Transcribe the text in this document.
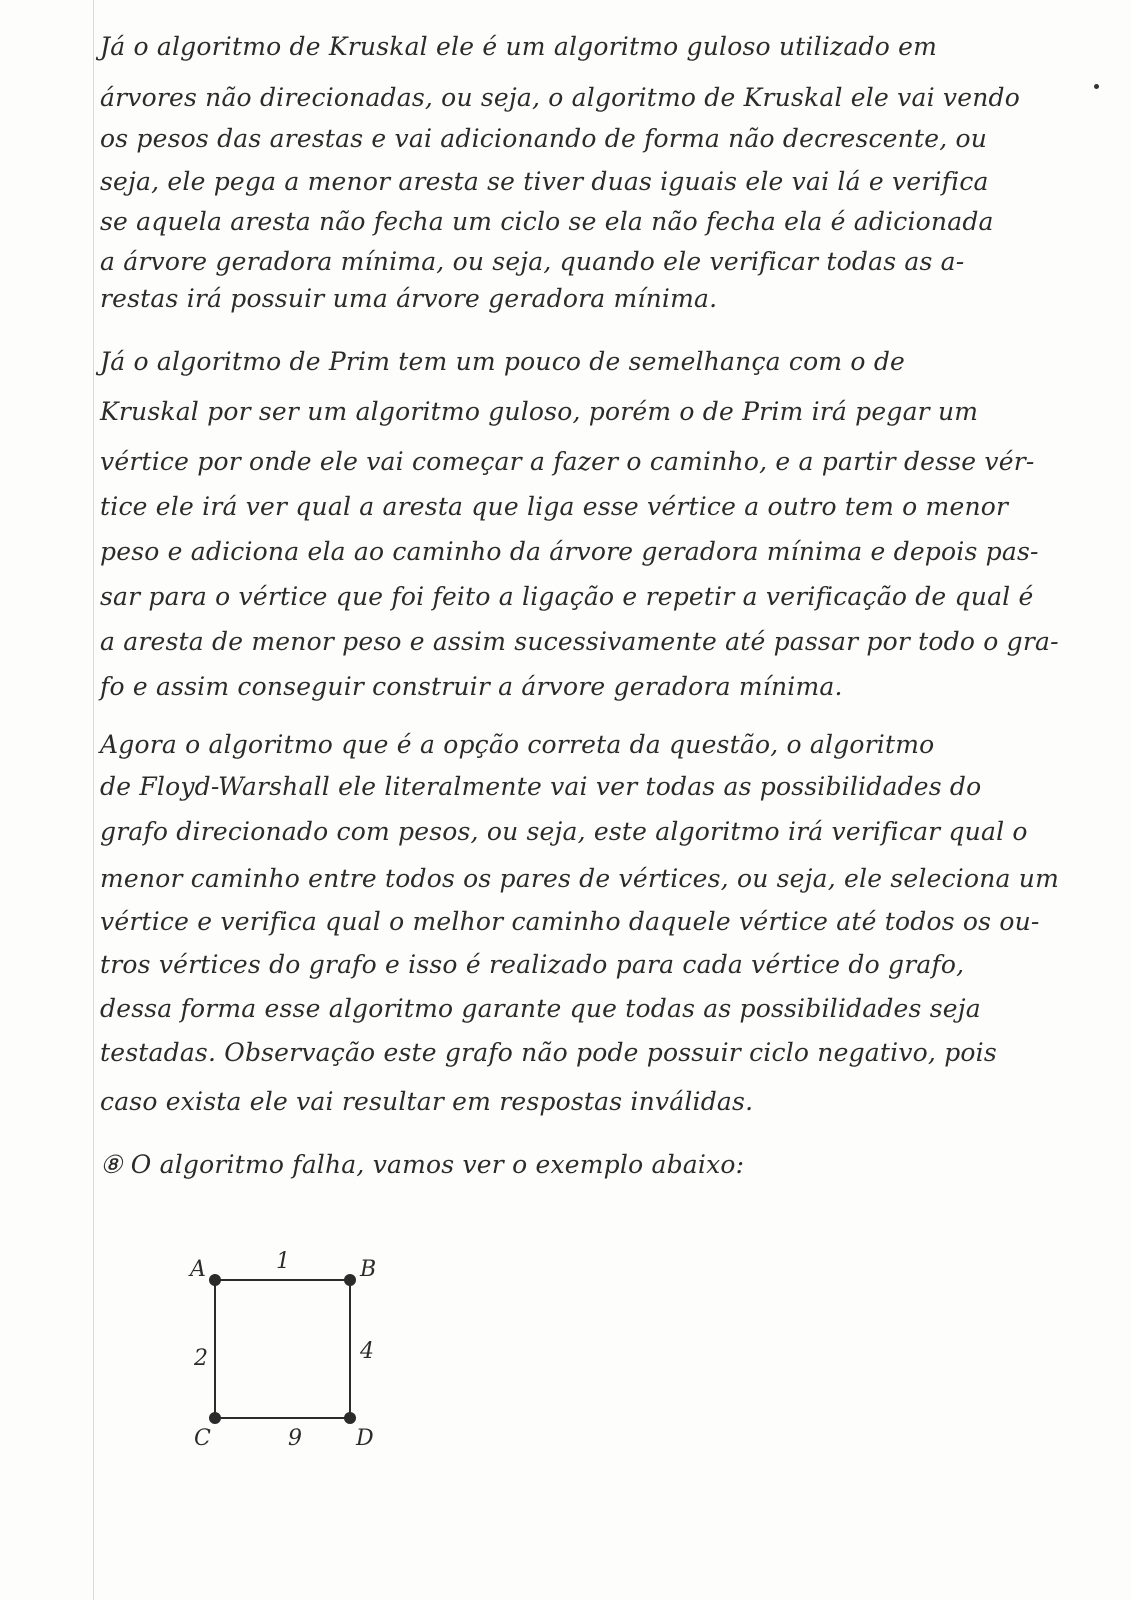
Já o algoritmo de Kruskal ele é um algoritmo guloso utilizado em

árvores não direcionadas, ou seja, o algoritmo de Kruskal ele vai vendo

os pesos das arestas e vai adicionando de forma não decrescente, ou

seja, ele pega a menor aresta se tiver duas iguais ele vai lá e verifica

se aquela aresta não fecha um ciclo se ela não fecha ela é adicionada

a árvore geradora mínima, ou seja, quando ele verificar todas as a-

restas irá possuir uma árvore geradora mínima.

Já o algoritmo de Prim tem um pouco de semelhança com o de

Kruskal por ser um algoritmo guloso, porém o de Prim irá pegar um

vértice por onde ele vai começar a fazer o caminho, e a partir desse vér-

tice ele irá ver qual a aresta que liga esse vértice a outro tem o menor

peso e adiciona ela ao caminho da árvore geradora mínima e depois pas-

sar para o vértice que foi feito a ligação e repetir a verificação de qual é

a aresta de menor peso e assim sucessivamente até passar por todo o gra-

fo e assim conseguir construir a árvore geradora mínima.

Agora o algoritmo que é a opção correta da questão, o algoritmo

de Floyd-Warshall ele literalmente vai ver todas as possibilidades do

grafo direcionado com pesos, ou seja, este algoritmo irá verificar qual o

menor caminho entre todos os pares de vértices, ou seja, ele seleciona um

vértice e verifica qual o melhor caminho daquele vértice até todos os ou-

tros vértices do grafo e isso é realizado para cada vértice do grafo,

dessa forma esse algoritmo garante que todas as possibilidades seja

testadas. Observação este grafo não pode possuir ciclo negativo, pois

caso exista ele vai resultar em respostas inválidas.

⑧ O algoritmo falha, vamos ver o exemplo abaixo:

A	B
C	D
1
4
2
9
